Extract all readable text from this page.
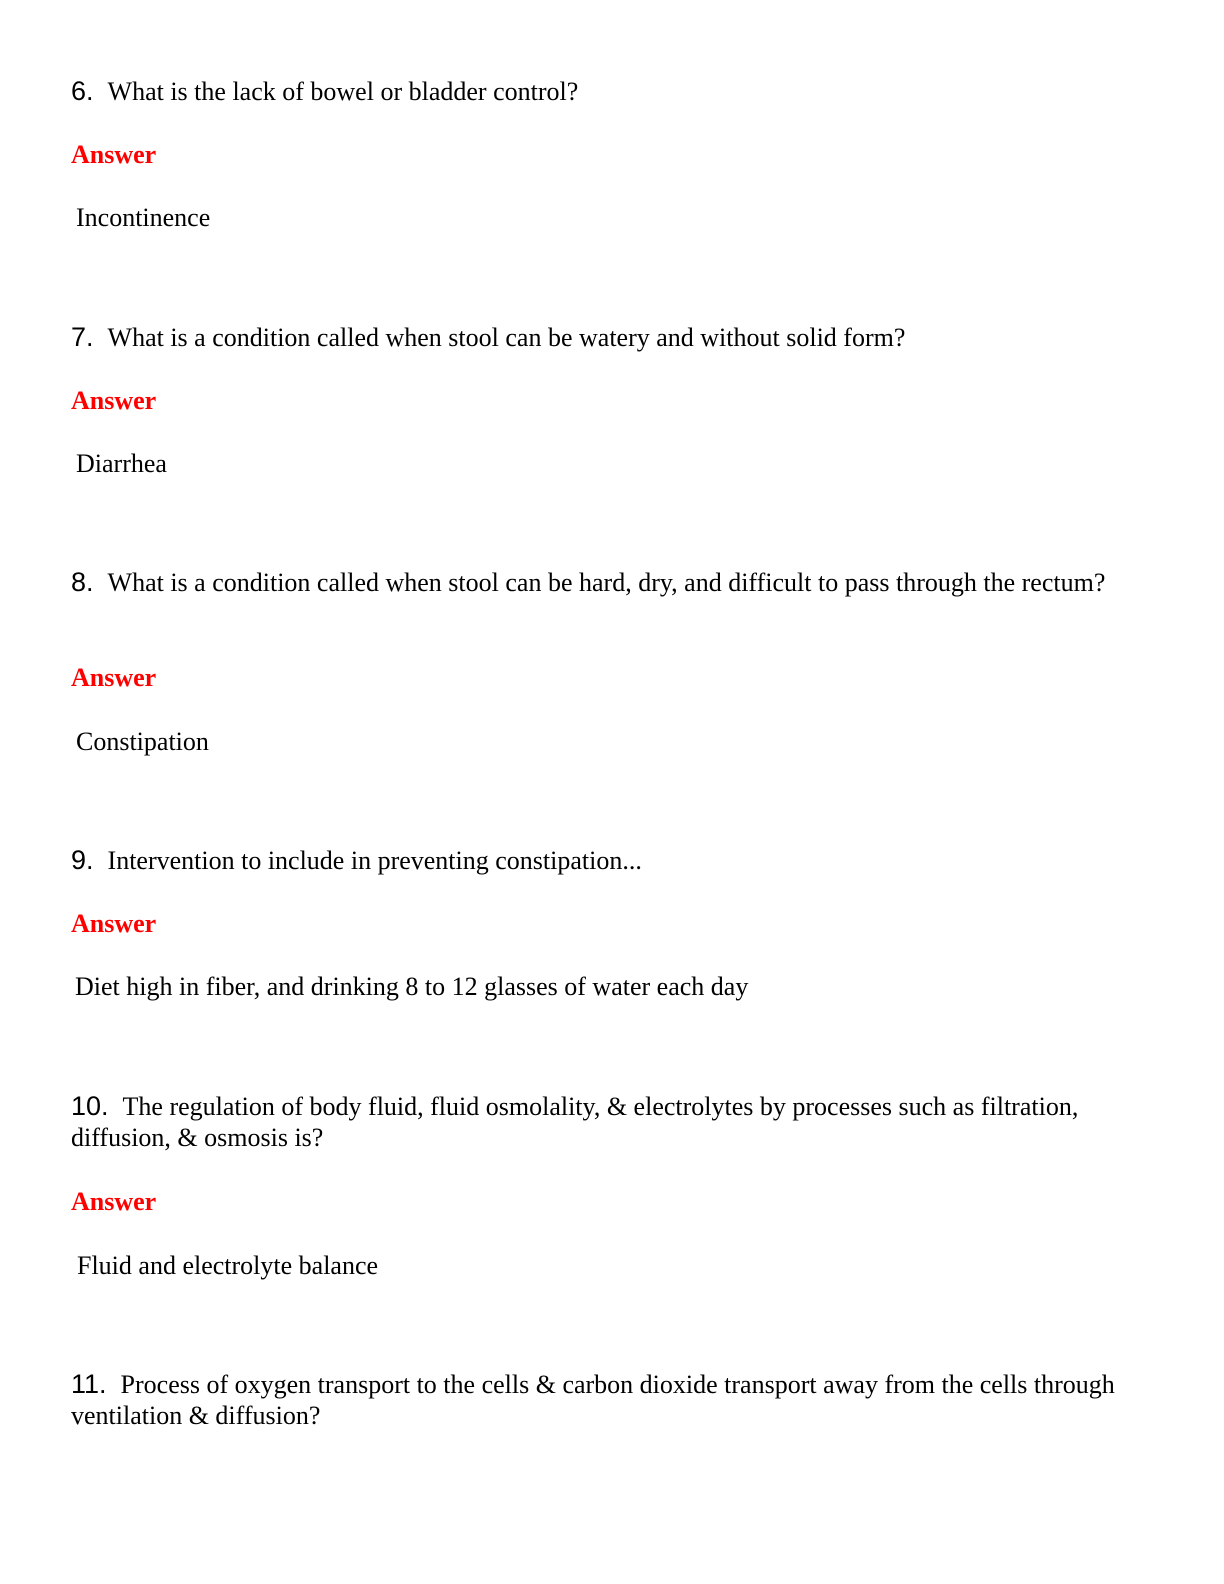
6. What is the lack of bowel or bladder control?

Answer
Incontinence

7. What is a condition called when stool can be watery and without solid form?

Answer
Diarrhea

8. What is a condition called when stool can be hard, dry, and difficult to pass through the rectum?

Answer
Constipation

9. Intervention to include in preventing constipation...

Answer
Diet high in fiber, and drinking 8 to 12 glasses of water each day

10. The regulation of body fluid, fluid osmolality, & electrolytes by processes such as filtration, diffusion, & osmosis is?

Answer
Fluid and electrolyte balance

11. Process of oxygen transport to the cells & carbon dioxide transport away from the cells through ventilation & diffusion?
